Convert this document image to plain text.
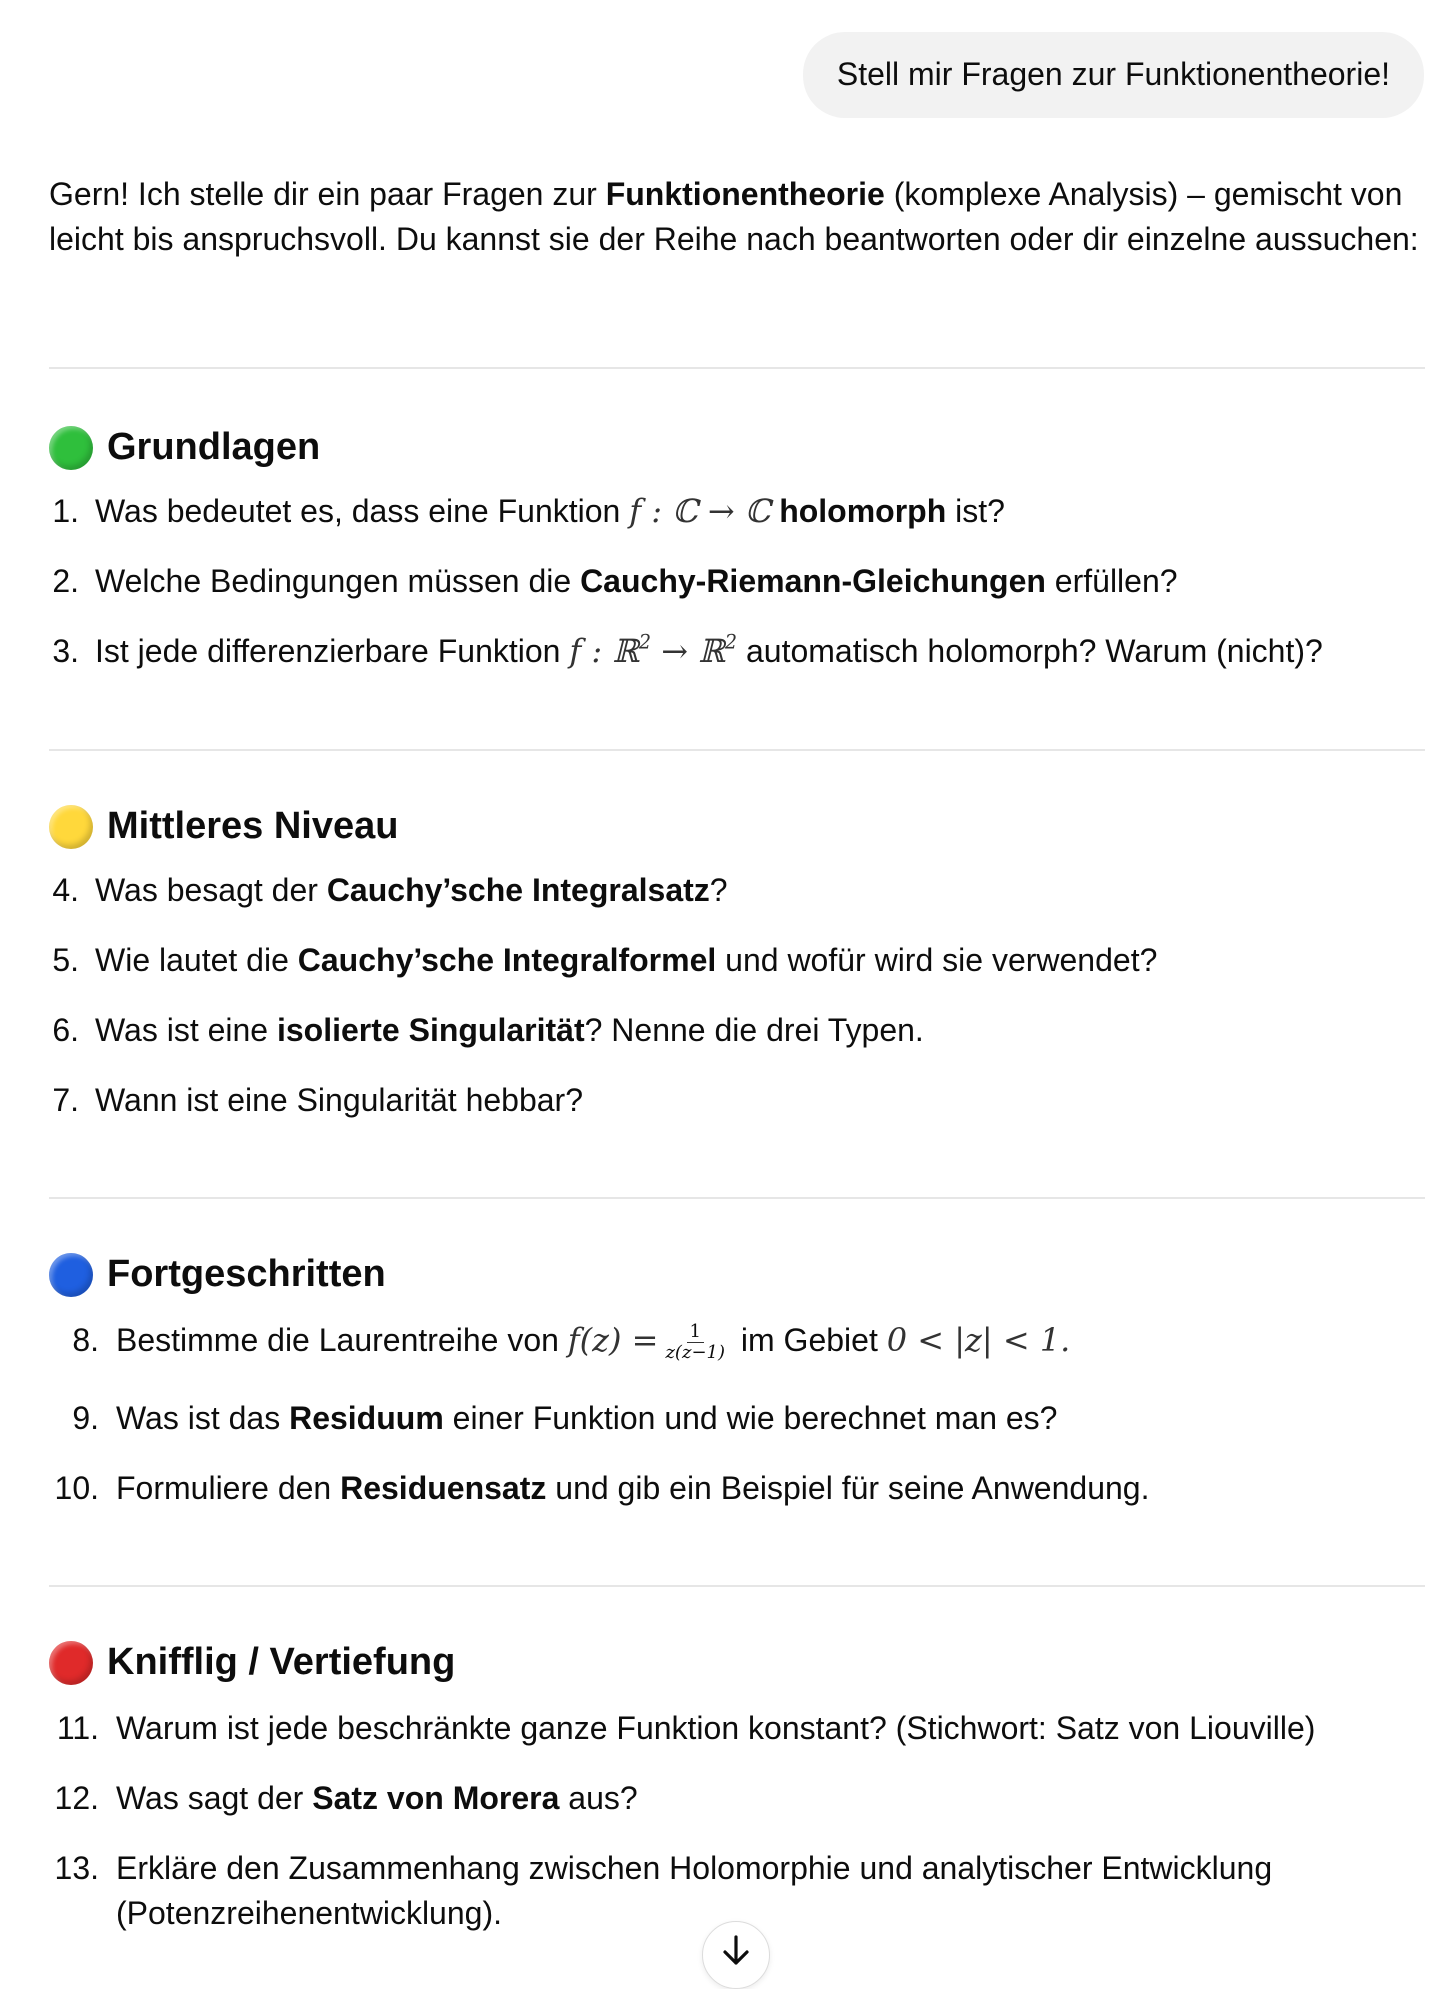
Stell mir Fragen zur Funktionentheorie!

Gern! Ich stelle dir ein paar Fragen zur Funktionentheorie (komplexe Analysis) – gemischt von leicht bis anspruchsvoll. Du kannst sie der Reihe nach beantworten oder dir einzelne aussuchen:

Grundlagen
1. Was bedeutet es, dass eine Funktion f : ℂ → ℂ holomorph ist?
2. Welche Bedingungen müssen die Cauchy-Riemann-Gleichungen erfüllen?
3. Ist jede differenzierbare Funktion f : ℝ$^2$ → ℝ$^2$ automatisch holomorph? Warum (nicht)?
Mittleres Niveau
4. Was besagt der Cauchy’sche Integralsatz?
5. Wie lautet die Cauchy’sche Integralformel und wofür wird sie verwendet?
6. Was ist eine isolierte Singularität? Nenne die drei Typen.
7. Wann ist eine Singularität hebbar?
Fortgeschritten
8. Bestimme die Laurentreihe von $f(z) = \frac{1}{z(z-1)}$ im Gebiet 0 < |z| < 1.
9. Was ist das Residuum einer Funktion und wie berechnet man es?
10. Formuliere den Residuensatz und gib ein Beispiel für seine Anwendung.
Knifflig / Vertiefung
11. Warum ist jede beschränkte ganze Funktion konstant? (Stichwort: Satz von Liouville)
12. Was sagt der Satz von Morera aus?
13. Erkläre den Zusammenhang zwischen Holomorphie und analytischer Entwicklung (Potenzreihenentwicklung).
